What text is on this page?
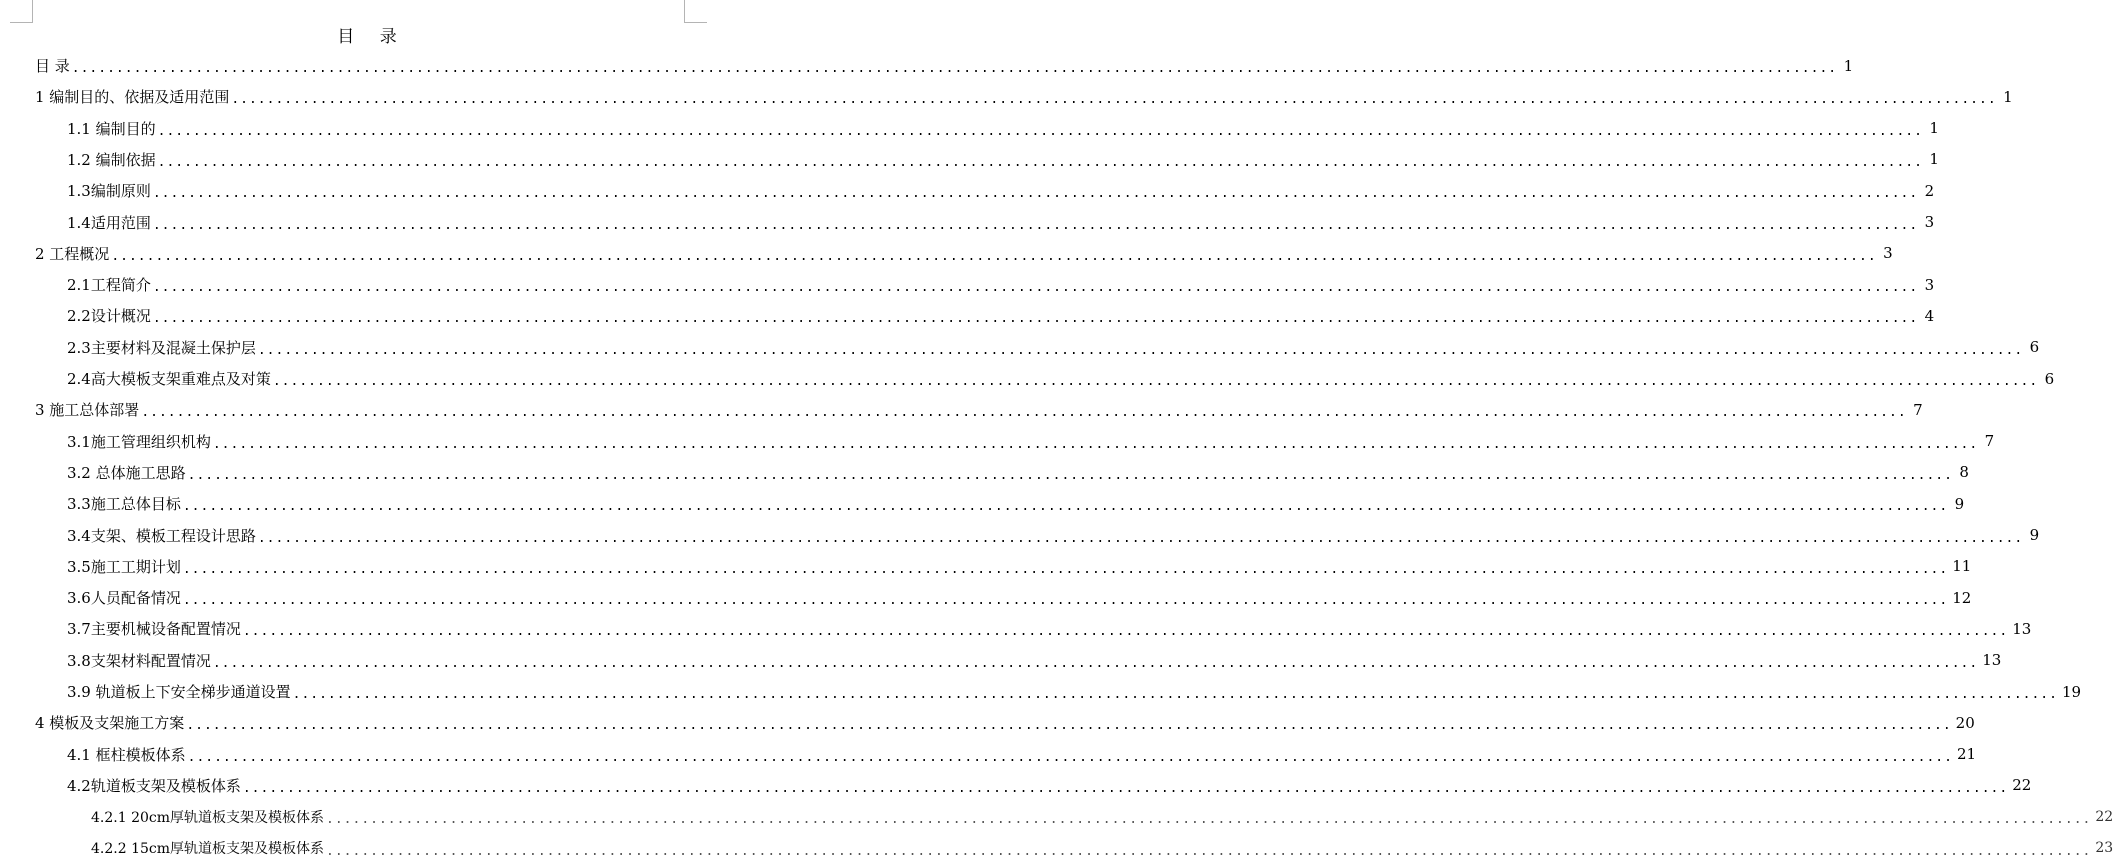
目 录
目 录 ........................................................................................................................................................................................................ 1
1 编制目的、依据及适用范围 ........................................................................................................................................................................................................ 1
1.1 编制目的 ........................................................................................................................................................................................................ 1
1.2 编制依据 ........................................................................................................................................................................................................ 1
1.3编制原则 ........................................................................................................................................................................................................ 2
1.4适用范围 ........................................................................................................................................................................................................ 3
2 工程概况 ........................................................................................................................................................................................................ 3
2.1工程简介 ........................................................................................................................................................................................................ 3
2.2设计概况 ........................................................................................................................................................................................................ 4
2.3主要材料及混凝土保护层 ........................................................................................................................................................................................................ 6
2.4高大模板支架重难点及对策 ........................................................................................................................................................................................................ 6
3 施工总体部署 ........................................................................................................................................................................................................ 7
3.1施工管理组织机构 ........................................................................................................................................................................................................ 7
3.2 总体施工思路 ........................................................................................................................................................................................................ 8
3.3施工总体目标 ........................................................................................................................................................................................................ 9
3.4支架、模板工程设计思路 ........................................................................................................................................................................................................ 9
3.5施工工期计划 ........................................................................................................................................................................................................ 11
3.6人员配备情况 ........................................................................................................................................................................................................ 12
3.7主要机械设备配置情况 ........................................................................................................................................................................................................ 13
3.8支架材料配置情况 ........................................................................................................................................................................................................ 13
3.9 轨道板上下安全梯步通道设置 ........................................................................................................................................................................................................ 19
4 模板及支架施工方案 ........................................................................................................................................................................................................ 20
4.1 框柱模板体系 ........................................................................................................................................................................................................ 21
4.2轨道板支架及模板体系 ........................................................................................................................................................................................................ 22
4.2.1 20cm厚轨道板支架及模板体系 ........................................................................................................................................................................................................ 22
4.2.2 15cm厚轨道板支架及模板体系 ........................................................................................................................................................................................................ 23
